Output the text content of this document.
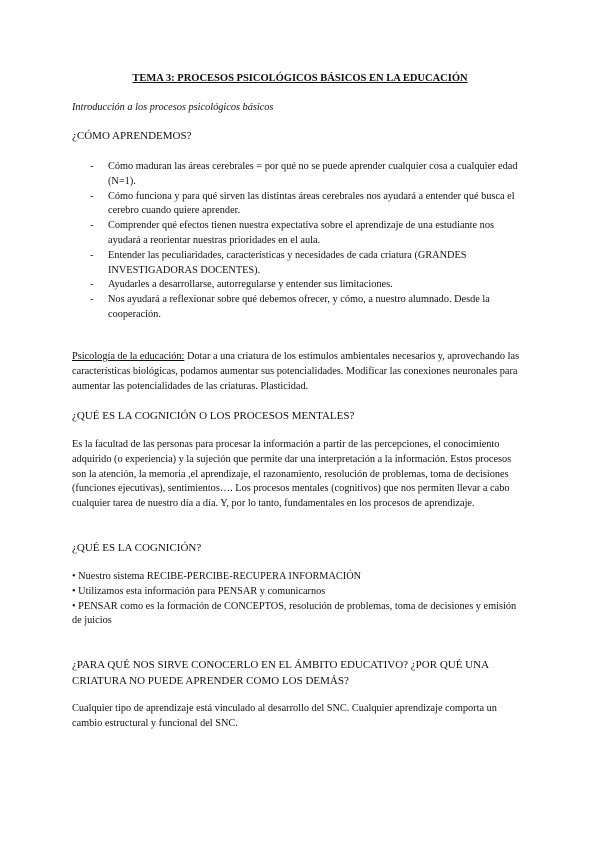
TEMA 3: PROCESOS PSICOLÓGICOS BÁSICOS EN LA EDUCACIÓN

Introducción a los procesos psicológicos básicos

¿CÓMO APRENDEMOS?

- Cómo maduran las áreas cerebrales = por qué no se puede aprender cualquier cosa a cualquier edad (N=1).
- Cómo funciona y para qué sirven las distintas áreas cerebrales nos ayudará a entender qué busca el cerebro cuando quiere aprender.
- Comprender qué efectos tienen nuestra expectativa sobre el aprendizaje de una estudiante nos ayudará a reorientar nuestras prioridades en el aula.
- Entender las peculiaridades, características y necesidades de cada criatura (GRANDES INVESTIGADORAS DOCENTES).
- Ayudarles a desarrollarse, autorregularse y entender sus limitaciones.
- Nos ayudará a reflexionar sobre qué debemos ofrecer, y cómo, a nuestro alumnado. Desde la cooperación.

Psicología de la educación: Dotar a una criatura de los estímulos ambientales necesarios y, aprovechando las características biológicas, podamos aumentar sus potencialidades. Modificar las conexiones neuronales para aumentar las potencialidades de las criaturas. Plasticidad.

¿QUÉ ES LA COGNICIÓN O LOS PROCESOS MENTALES?

Es la facultad de las personas para procesar la información a partir de las percepciones, el conocimiento adquirido (o experiencia) y la sujeción que permite dar una interpretación a la información. Estos procesos son la atención, la memoria ,el aprendizaje, el razonamiento, resolución de problemas, toma de decisiones (funciones ejecutivas), sentimientos…. Los procesos mentales (cognitivos) que nos permiten llevar a cabo cualquier tarea de nuestro día a día. Y, por lo tanto, fundamentales en los procesos de aprendizaje.

¿QUÉ ES LA COGNICIÓN?

• Nuestro sistema RECIBE-PERCIBE-RECUPERA INFORMACIÓN
• Utilizamos esta información para PENSAR y comunicarnos
• PENSAR como es la formación de CONCEPTOS, resolución de problemas, toma de decisiones y emisión de juicios

¿PARA QUÉ NOS SIRVE CONOCERLO EN EL ÁMBITO EDUCATIVO? ¿POR QUÉ UNA CRIATURA NO PUEDE APRENDER COMO LOS DEMÁS?

Cualquier tipo de aprendizaje está vinculado al desarrollo del SNC. Cualquier aprendizaje comporta un cambio estructural y funcional del SNC.
